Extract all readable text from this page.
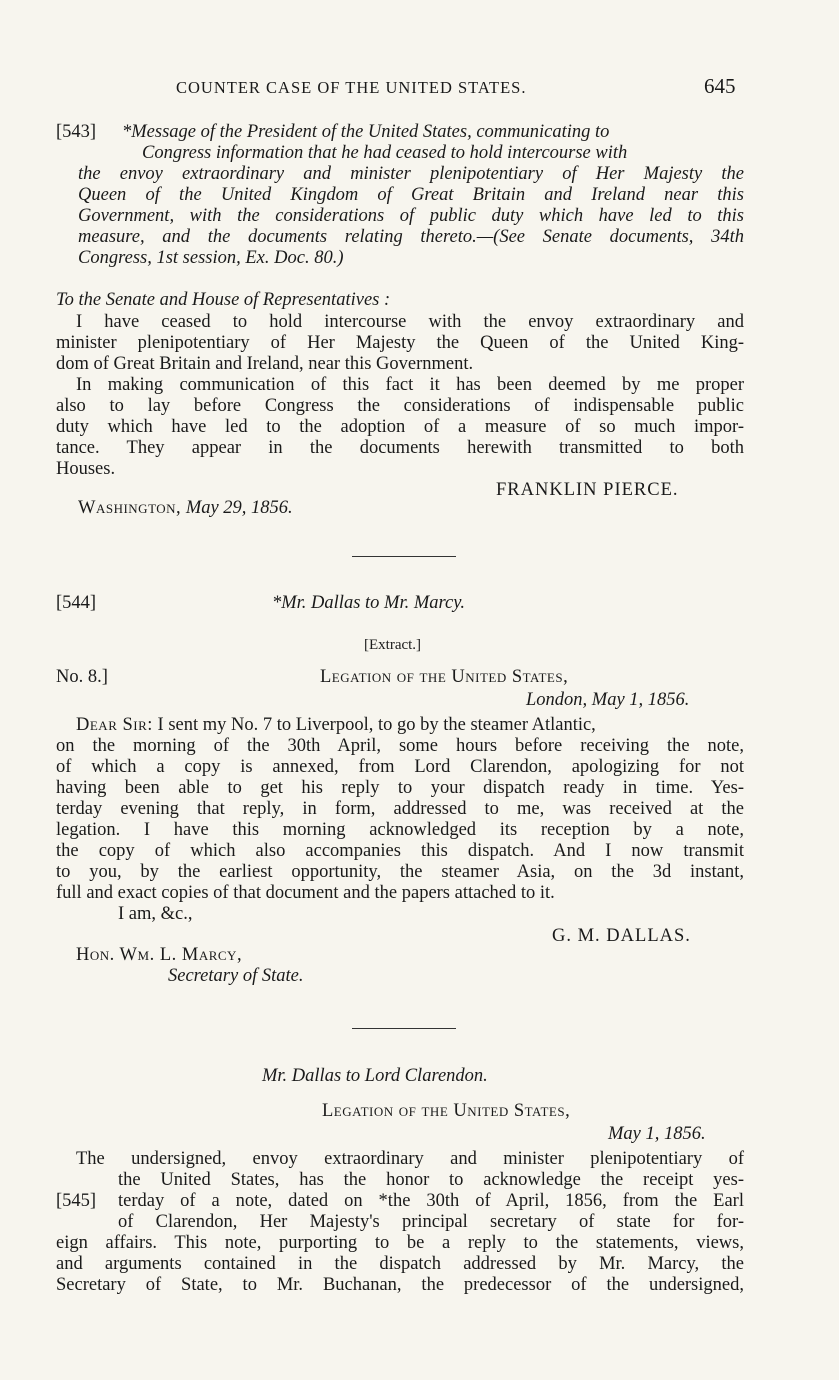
COUNTER CASE OF THE UNITED STATES.	645
[543] *Message of the President of the United States, communicating to
Congress information that he had ceased to hold intercourse with
the envoy extraordinary and minister plenipotentiary of Her Majesty the
Queen of the United Kingdom of Great Britain and Ireland near this
Government, with the considerations of public duty which have led to this
measure, and the documents relating thereto.—(See Senate documents, 34th
Congress, 1st session, Ex. Doc. 80.)
To the Senate and House of Representatives :
I have ceased to hold intercourse with the envoy extraordinary and
minister plenipotentiary of Her Majesty the Queen of the United King-
dom of Great Britain and Ireland, near this Government.
In making communication of this fact it has been deemed by me proper
also to lay before Congress the considerations of indispensable public
duty which have led to the adoption of a measure of so much impor-
tance. They appear in the documents herewith transmitted to both
Houses.
FRANKLIN PIERCE.
Washington, May 29, 1856.
[544]	*Mr. Dallas to Mr. Marcy.
[Extract.]
No. 8.]	Legation of the United States,
London, May 1, 1856.
Dear Sir: I sent my No. 7 to Liverpool, to go by the steamer Atlantic,
on the morning of the 30th April, some hours before receiving the note,
of which a copy is annexed, from Lord Clarendon, apologizing for not
having been able to get his reply to your dispatch ready in time. Yes-
terday evening that reply, in form, addressed to me, was received at the
legation. I have this morning acknowledged its reception by a note,
the copy of which also accompanies this dispatch. And I now transmit
to you, by the earliest opportunity, the steamer Asia, on the 3d instant,
full and exact copies of that document and the papers attached to it.
I am, &c.,
G. M. DALLAS.
Hon. Wm. L. Marcy,
Secretary of State.
Mr. Dallas to Lord Clarendon.
Legation of the United States,
May 1, 1856.
The undersigned, envoy extraordinary and minister plenipotentiary of
the United States, has the honor to acknowledge the receipt yes-
[545] terday of a note, dated on *the 30th of April, 1856, from the Earl
of Clarendon, Her Majesty's principal secretary of state for for-
eign affairs. This note, purporting to be a reply to the statements, views,
and arguments contained in the dispatch addressed by Mr. Marcy, the
Secretary of State, to Mr. Buchanan, the predecessor of the undersigned,
